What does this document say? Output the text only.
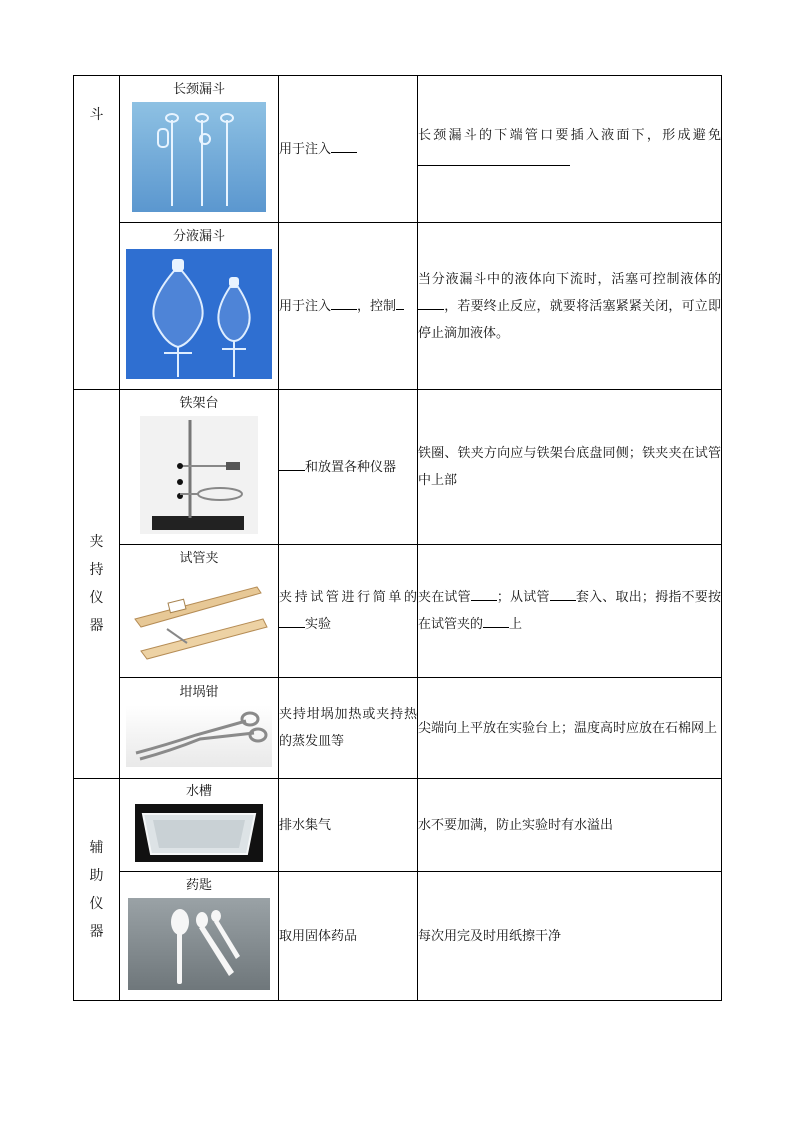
斗	长颈漏斗	用于注入	长颈漏斗的下端管口要插入液面下，形成避免

	分液漏斗	用于注入 ，控制	当分液漏斗中的液体向下流时，活塞可控制液体的，若要终止反应，就要将活塞紧紧关闭，可立即停止滴加液体。

夹
持
仪
器	铁架台	和放置各种仪器	铁圈、铁夹方向应与铁架台底盘同侧；铁夹夹在试管中上部

	试管夹	夹持试管进行简单的实验	夹在试管 ；从试管 套入、取出；拇指不要按在试管夹的 上

	坩埚钳	夹持坩埚加热或夹持热的蒸发皿等	尖端向上平放在实验台上；温度高时应放在石棉网上

辅
助
仪
器	水槽	排水集气	水不要加满，防止实验时有水溢出

	药匙	取用固体药品	每次用完及时用纸擦干净
